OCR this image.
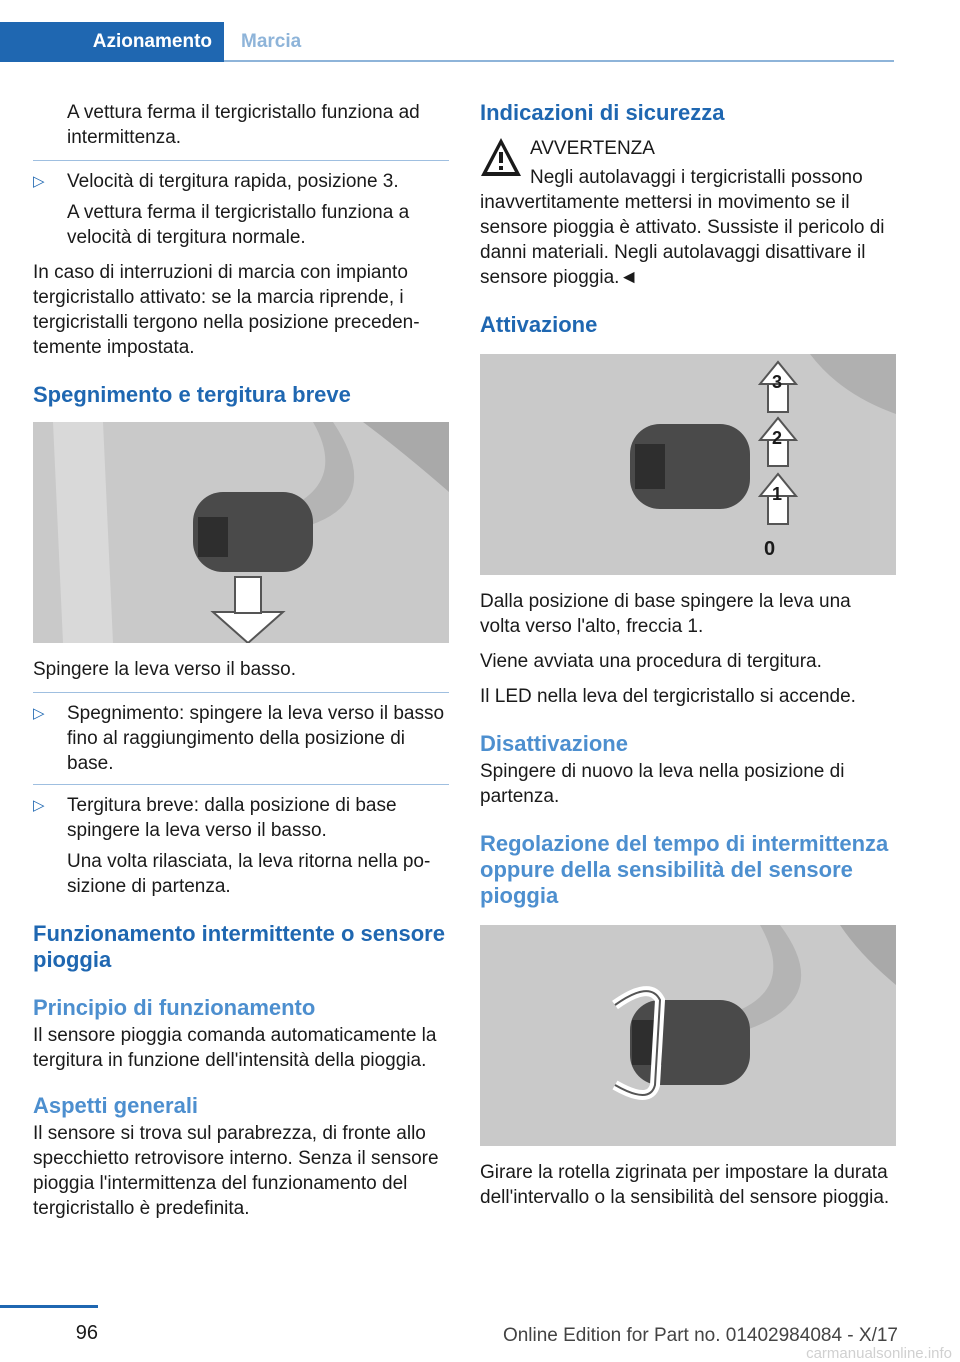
Azionamento	Marcia

A vettura ferma il tergicristallo funziona ad intermittenza.

▷ Velocità di tergitura rapida, posizione 3.

A vettura ferma il tergicristallo funziona a velocità di tergitura normale.

In caso di interruzioni di marcia con impianto tergicristallo attivato: se la marcia riprende, i tergicristalli tergono nella posizione precedentemente impostata.

Spegnimento e tergitura breve

Spingere la leva verso il basso.

▷ Spegnimento: spingere la leva verso il basso fino al raggiungimento della posizione di base.
▷ Tergitura breve: dalla posizione di base spingere la leva verso il basso.

Una volta rilasciata, la leva ritorna nella posizione di partenza.

Funzionamento intermittente o sensore pioggia
Principio di funzionamento

Il sensore pioggia comanda automaticamente la tergitura in funzione dell'intensità della pioggia.

Aspetti generali

Il sensore si trova sul parabrezza, di fronte allo specchietto retrovisore interno. Senza il sensore pioggia l'intermittenza del funzionamento del tergicristallo è predefinita.

Indicazioni di sicurezza

AVVERTENZA

Negli autolavaggi i tergicristalli possono

inavvertitamente mettersi in movimento se il sensore pioggia è attivato. Sussiste il pericolo di danni materiali. Negli autolavaggi disattivare il sensore pioggia.◄

Attivazione
3
2
1
0

Dalla posizione di base spingere la leva una volta verso l'alto, freccia 1.

Viene avviata una procedura di tergitura.

Il LED nella leva del tergicristallo si accende.

Disattivazione

Spingere di nuovo la leva nella posizione di partenza.

Regolazione del tempo di intermittenza oppure della sensibilità del sensore pioggia

Girare la rotella zigrinata per impostare la durata dell'intervallo o la sensibilità del sensore pioggia.

96	Online Edition for Part no. 01402984084 - X/17
carmanualsonline.info
